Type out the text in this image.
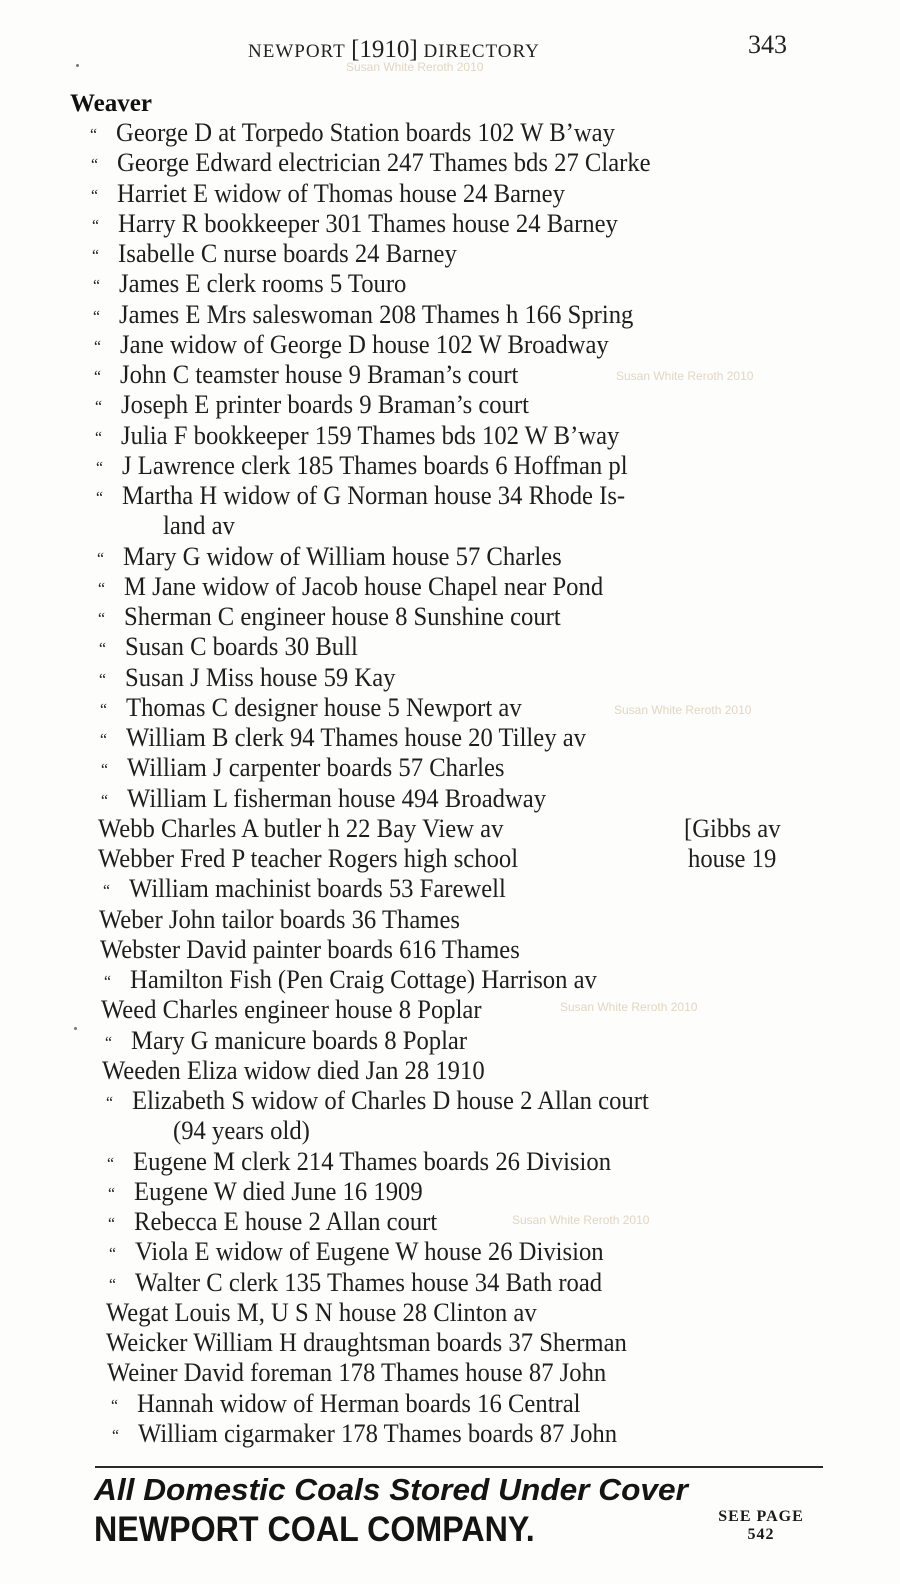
NEWPORT [1910] DIRECTORY	343
Susan White Reroth 2010
Susan White Reroth 2010
Susan White Reroth 2010
Susan White Reroth 2010
Susan White Reroth 2010
Weaver
“ George D at Torpedo Station boards 102 W B’way
“ George Edward electrician 247 Thames bds 27 Clarke
“ Harriet E widow of Thomas house 24 Barney
“ Harry R bookkeeper 301 Thames house 24 Barney
“ Isabelle C nurse boards 24 Barney
“ James E clerk rooms 5 Touro
“ James E Mrs saleswoman 208 Thames h 166 Spring
“ Jane widow of George D house 102 W Broadway
“ John C teamster house 9 Braman’s court
“ Joseph E printer boards 9 Braman’s court
“ Julia F bookkeeper 159 Thames bds 102 W B’way
“ J Lawrence clerk 185 Thames boards 6 Hoffman pl
“ Martha H widow of G Norman house 34 Rhode Is-
land av
“ Mary G widow of William house 57 Charles
“ M Jane widow of Jacob house Chapel near Pond
“ Sherman C engineer house 8 Sunshine court
“ Susan C boards 30 Bull
“ Susan J Miss house 59 Kay
“ Thomas C designer house 5 Newport av
“ William B clerk 94 Thames house 20 Tilley av
“ William J carpenter boards 57 Charles
“ William L fisherman house 494 Broadway
Webb Charles A butler h 22 Bay View av	[Gibbs av
Webber Fred P teacher Rogers high school	house 19
“ William machinist boards 53 Farewell
Weber John tailor boards 36 Thames
Webster David painter boards 616 Thames
“ Hamilton Fish (Pen Craig Cottage) Harrison av
Weed Charles engineer house 8 Poplar
“ Mary G manicure boards 8 Poplar
Weeden Eliza widow died Jan 28 1910
“ Elizabeth S widow of Charles D house 2 Allan court
(94 years old)
“ Eugene M clerk 214 Thames boards 26 Division
“ Eugene W died June 16 1909
“ Rebecca E house 2 Allan court
“ Viola E widow of Eugene W house 26 Division
“ Walter C clerk 135 Thames house 34 Bath road
Wegat Louis M, U S N house 28 Clinton av
Weicker William H draughtsman boards 37 Sherman
Weiner David foreman 178 Thames house 87 John
“ Hannah widow of Herman boards 16 Central
“ William cigarmaker 178 Thames boards 87 John
All Domestic Coals Stored Under Cover
NEWPORT COAL COMPANY.	SEE PAGE
542
